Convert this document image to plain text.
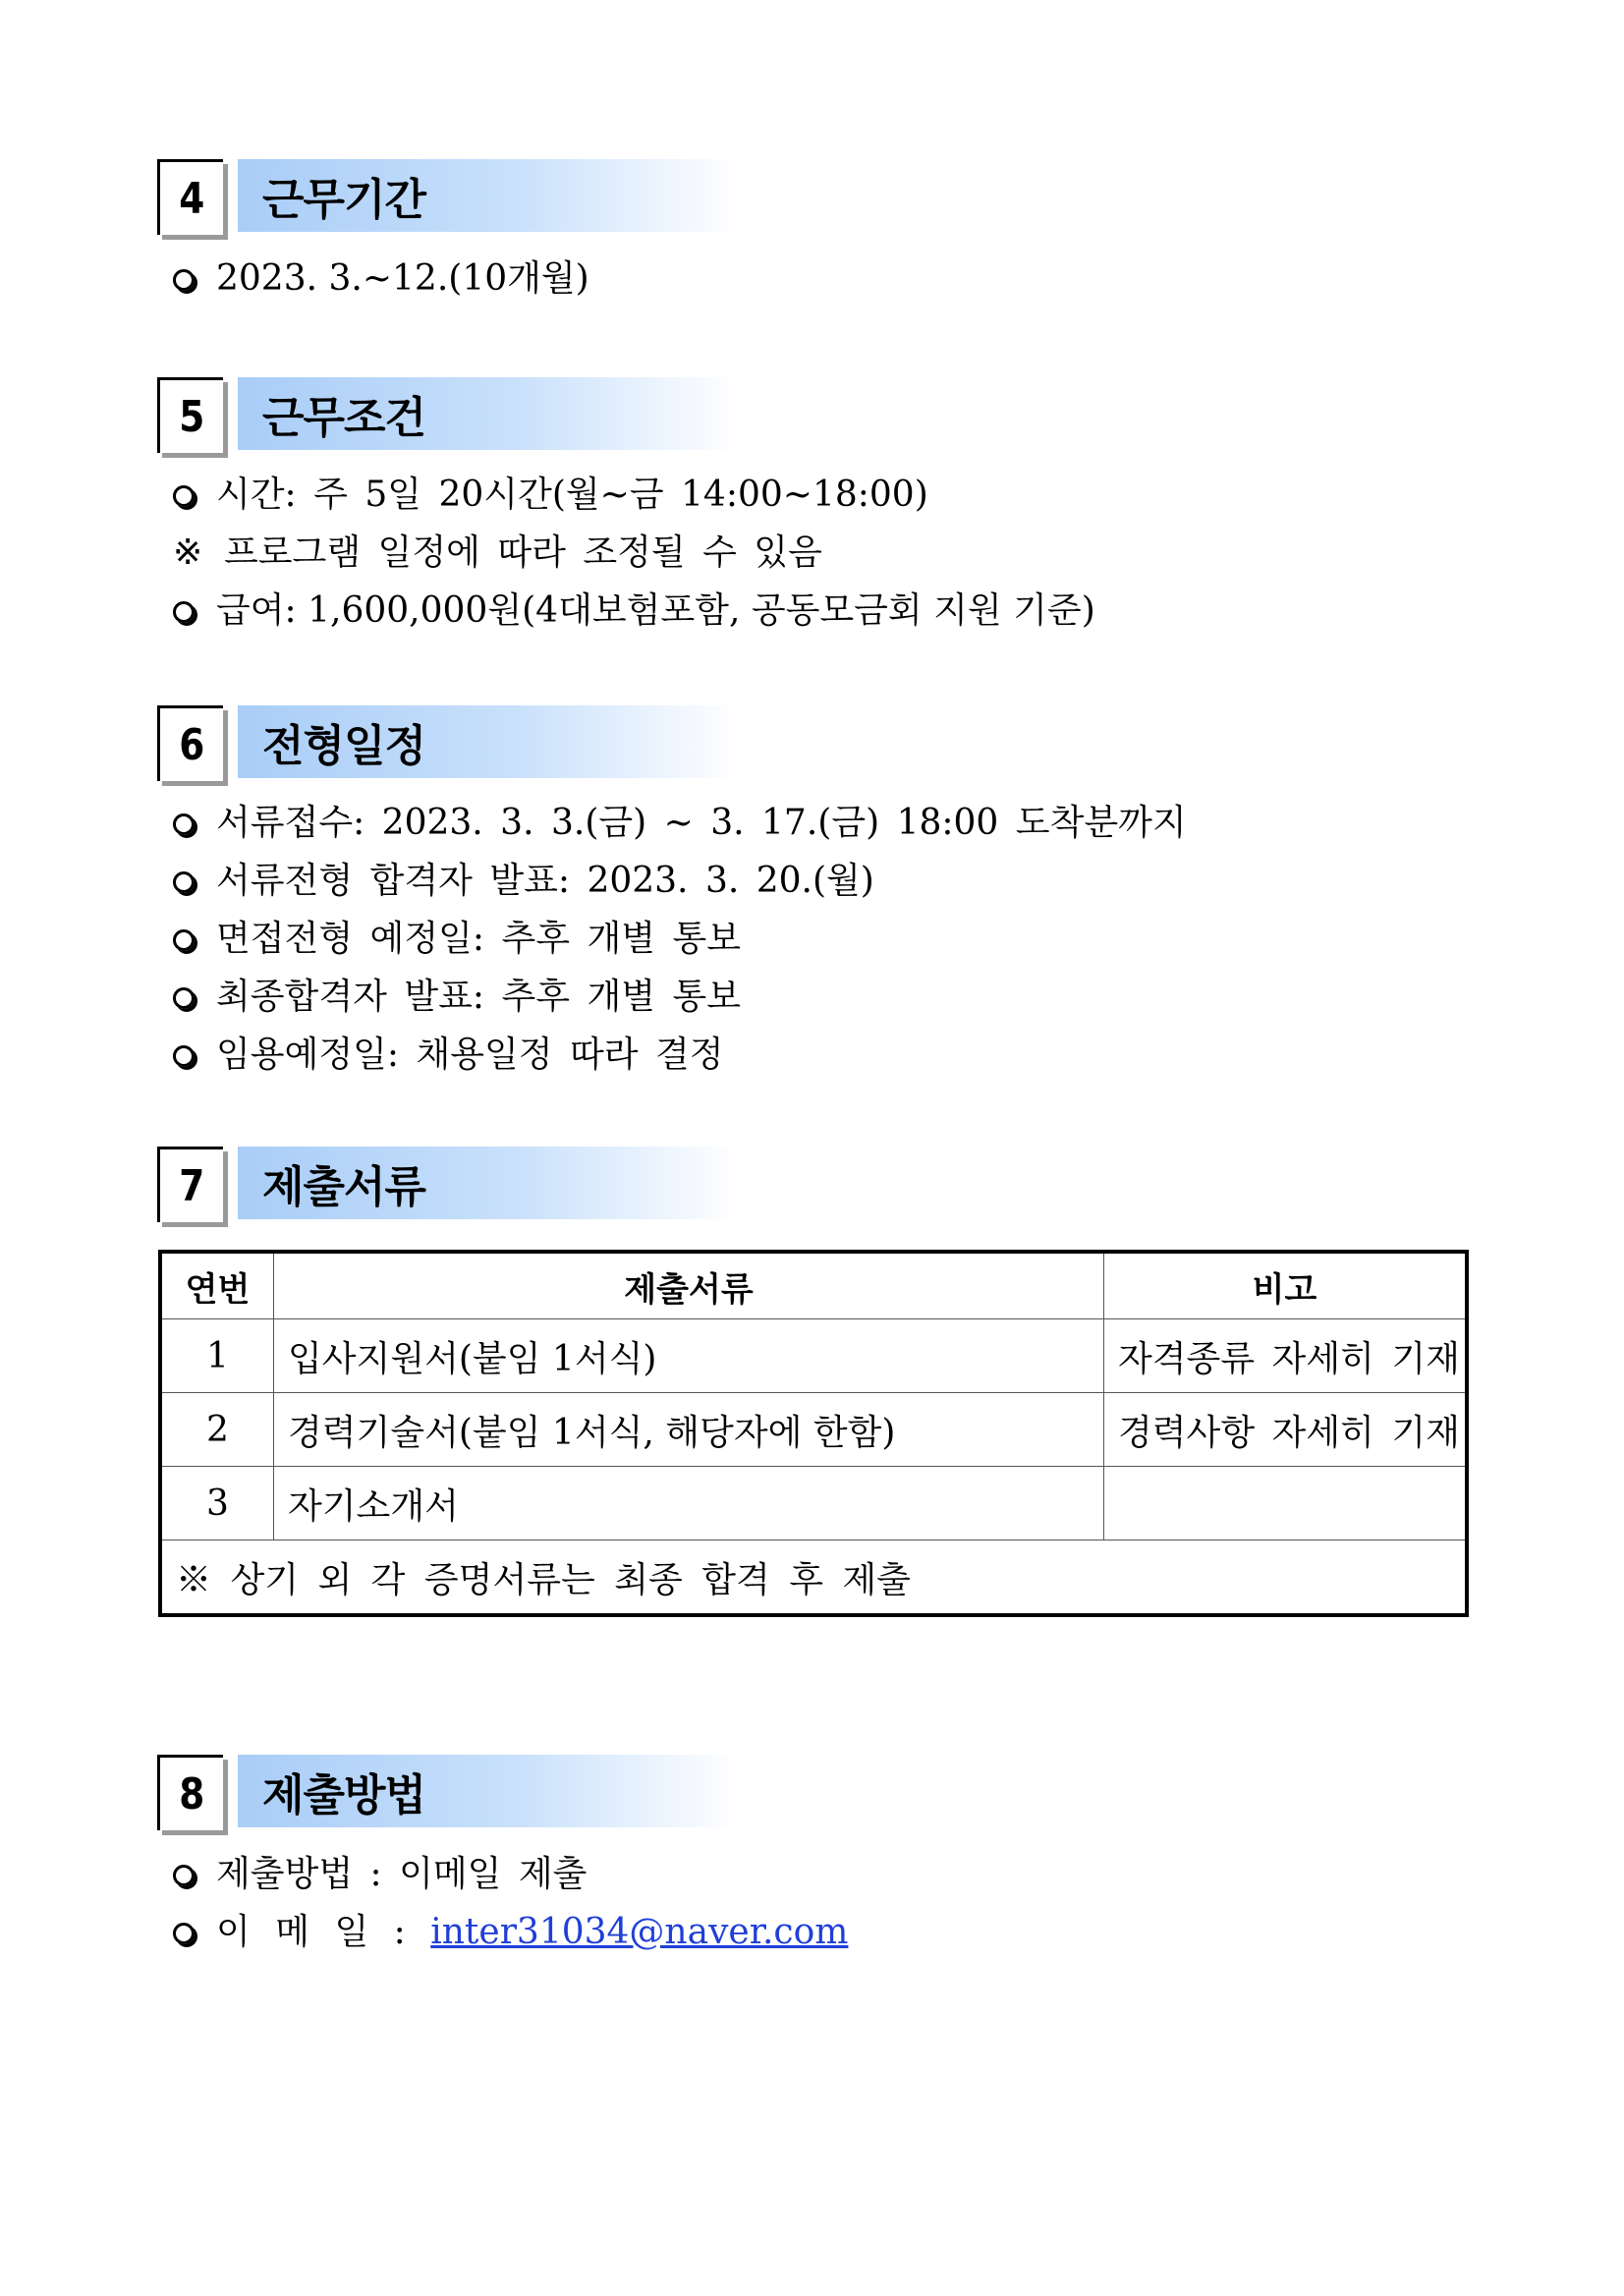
4 근무기간
2023. 3.~12.(10개월)
5 근무조건
시간: 주 5일 20시간(월~금 14:00~18:00)
※ 프로그램 일정에 따라 조정될 수 있음
급여: 1,600,000원(4대보험포함, 공동모금회 지원 기준)
6 전형일정
서류접수: 2023. 3. 3.(금) ~ 3. 17.(금) 18:00 도착분까지
서류전형 합격자 발표: 2023. 3. 20.(월)
면접전형 예정일: 추후 개별 통보
최종합격자 발표: 추후 개별 통보
임용예정일: 채용일정 따라 결정
7 제출서류
연번	제출서류	비고
1	입사지원서(붙임 1서식)	자격종류 자세히 기재
2	경력기술서(붙임 1서식, 해당자에 한함)	경력사항 자세히 기재
3	자기소개서	
※ 상기 외 각 증명서류는 최종 합격 후 제출		
8 제출방법
제출방법 : 이메일 제출
이 메 일 : inter31034@naver.com
